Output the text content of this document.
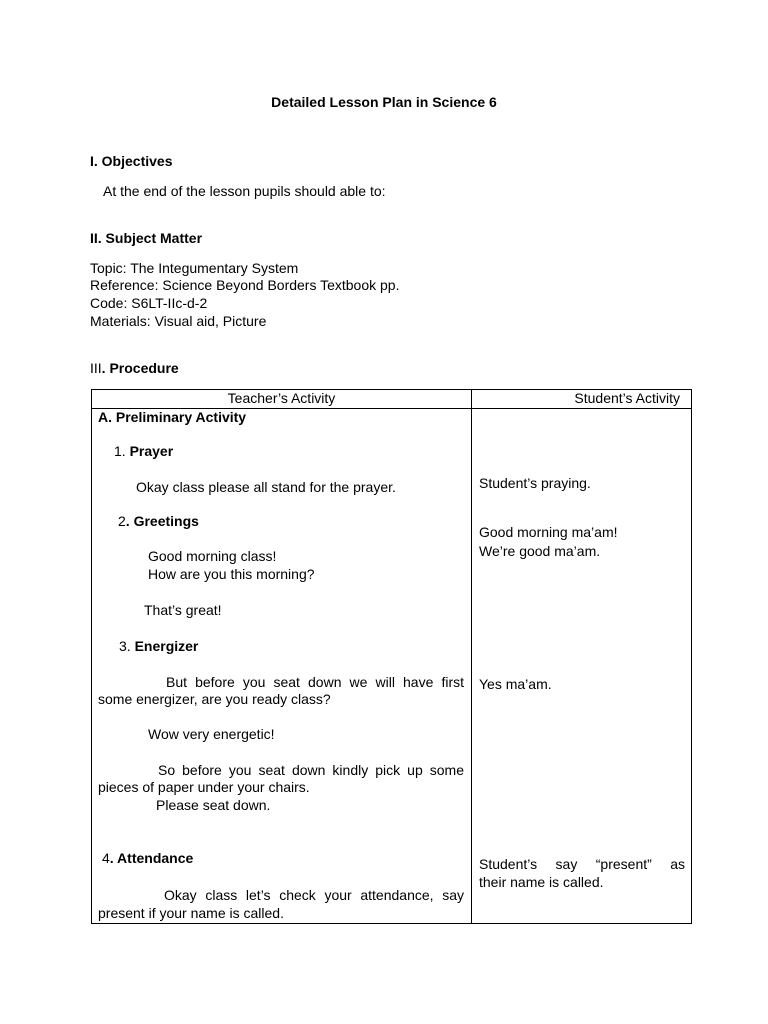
Detailed Lesson Plan in Science 6
I. Objectives
At the end of the lesson pupils should able to:
II. Subject Matter
Topic: The Integumentary System
Reference: Science Beyond Borders Textbook pp.
Code: S6LT-IIc-d-2
Materials: Visual aid, Picture
III. Procedure
Teacher’s Activity	Student’s Activity
A. Preliminary Activity
1. Prayer
Okay class please all stand for the prayer.	Student’s praying.
2. Greetings
Good morning class!
How are you this morning?
That’s great!
Good morning ma’am!
We’re good ma’am.
3. Energizer
But before you seat down we will have first
some energizer, are you ready class?
Wow very energetic!
So before you seat down kindly pick up some
pieces of paper under your chairs.
Please seat down.
Yes ma’am.
4. Attendance
Okay class let’s check your attendance, say
present if your name is called.
Student’s say “present” as
their name is called.
